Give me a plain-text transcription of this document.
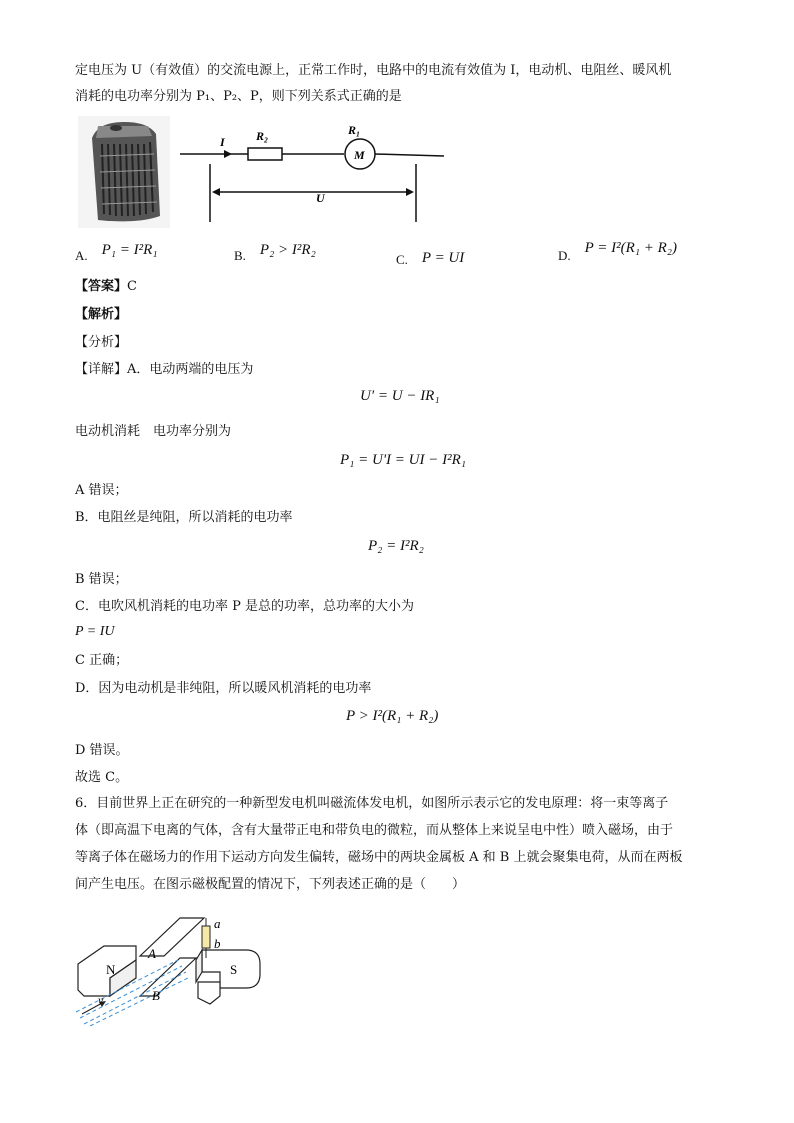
定电压为 U（有效值）的交流电源上，正常工作时，电路中的电流有效值为 I，电动机、电阻丝、暖风机
消耗的电功率分别为 P₁、P₂、P，则下列关系式正确的是
I	R₂	R₁
M
U
A. P₁ = I²R₁	B. P₂ > I²R₂
C. P = UI	D. P = I²(R₁ + R₂)
【答案】C
【解析】
【分析】
【详解】A．电动两端的电压为
U′ = U − IR₁
电动机消耗　电功率分别为
P₁ = UʹI = UI − I²R₁
A 错误；
B．电阻丝是纯阻，所以消耗的电功率
P₂ = I²R₂
B 错误；
C．电吹风机消耗的电功率 P 是总的功率，总功率的大小为
P = IU
C 正确；
D．因为电动机是非纯阻，所以暖风机消耗的电功率
P > I²(R₁ + R₂)
D 错误。
故选 C。
6．目前世界上正在研究的一种新型发电机叫磁流体发电机，如图所示表示它的发电原理：将一束等离子
体（即高温下电离的气体，含有大量带正电和带负电的微粒，而从整体上来说呈电中性）喷入磁场，由于
等离子体在磁场力的作用下运动方向发生偏转，磁场中的两块金属板 A 和 B 上就会聚集电荷，从而在两板
间产生电压。在图示磁极配置的情况下，下列表述正确的是（　　）
N	S
A
B
a
b
v
